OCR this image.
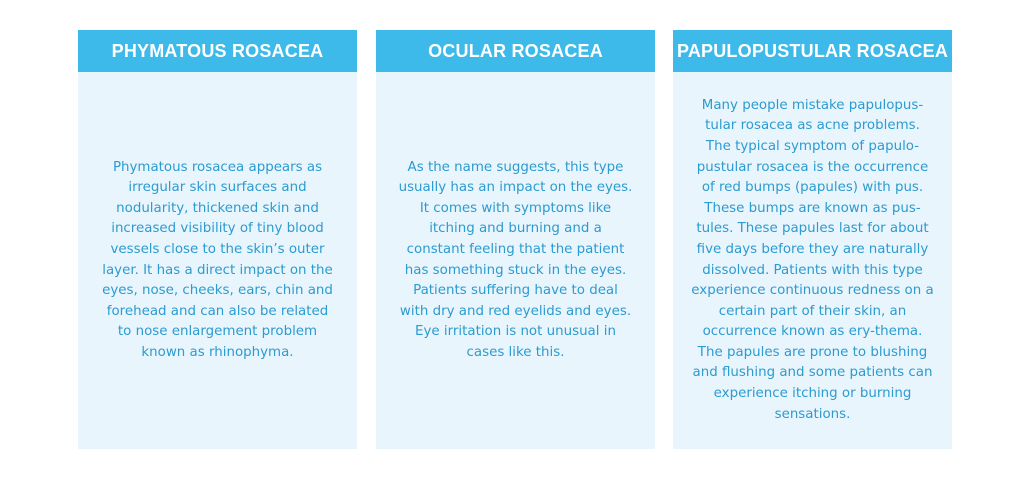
PHYMATOUS ROSACEA

Phymatous rosacea appears as irregular skin surfaces and nodularity, thickened skin and increased visibility of tiny blood vessels close to the skin’s outer layer. It has a direct impact on the eyes, nose, cheeks, ears, chin and forehead and can also be related to nose enlargement problem known as rhinophyma.

OCULAR ROSACEA

As the name suggests, this type usually has an impact on the eyes. It comes with symptoms like itching and burning and a constant feeling that the patient has something stuck in the eyes. Patients suffering have to deal with dry and red eyelids and eyes. Eye irritation is not unusual in cases like this.

PAPULOPUSTULAR ROSACEA

Many people mistake papulopus-tular rosacea as acne problems. The typical symptom of papulo-pustular rosacea is the occurrence of red bumps (papules) with pus. These bumps are known as pus-tules. These papules last for about five days before they are naturally dissolved. Patients with this type experience continuous redness on a certain part of their skin, an occurrence known as ery-thema. The papules are prone to blushing and flushing and some patients can experience itching or burning sensations.
